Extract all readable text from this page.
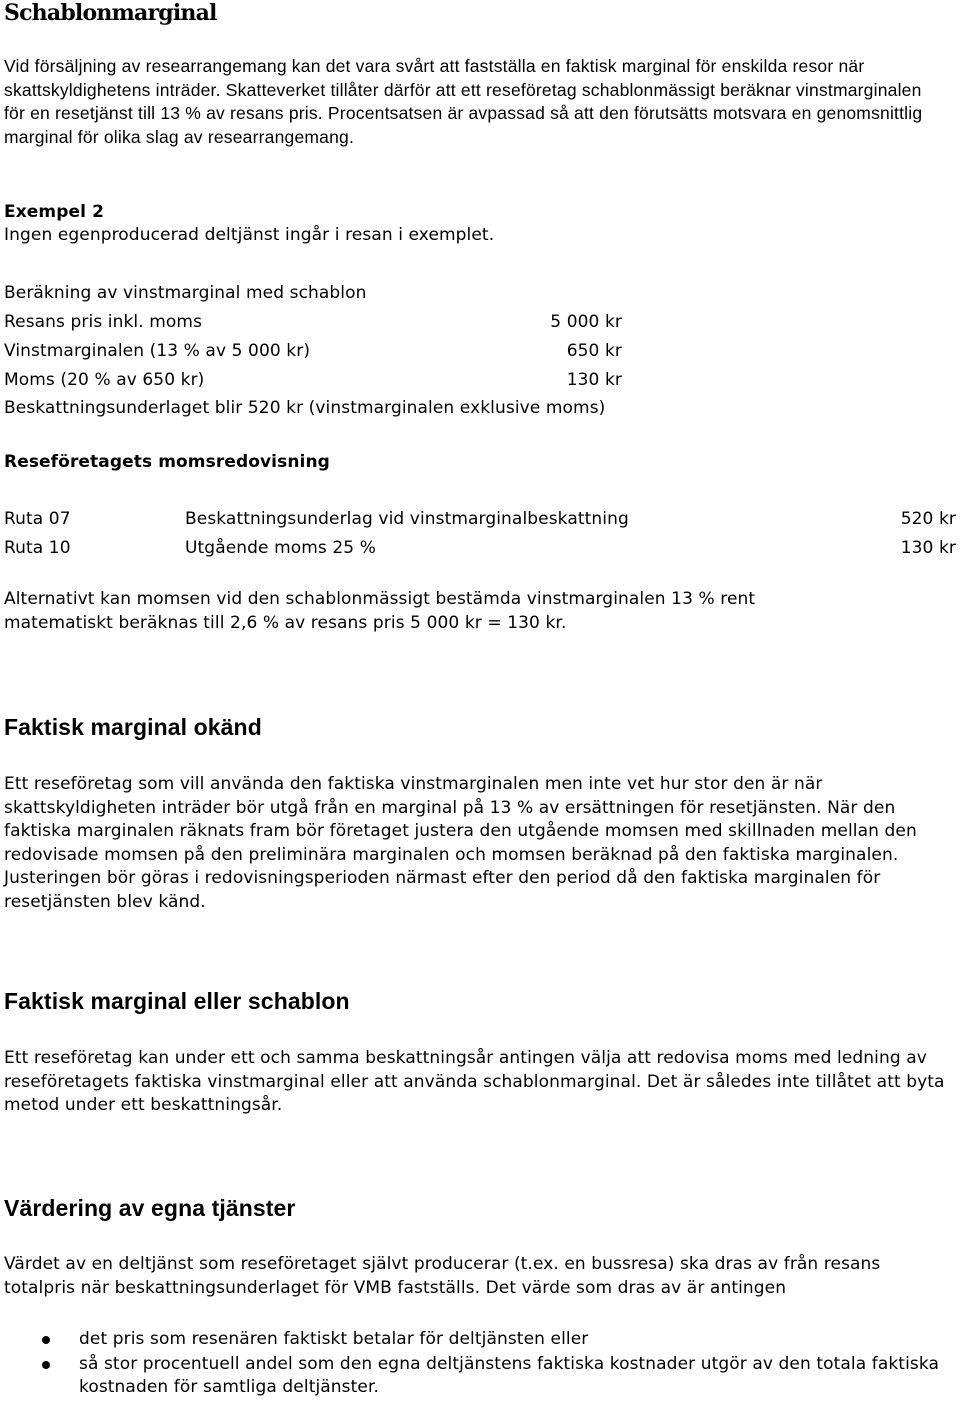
Schablonmarginal

Vid försäljning av researrangemang kan det vara svårt att fastställa en faktisk marginal för enskilda resor när skattskyldighetens inträder. Skatteverket tillåter därför att ett reseföretag schablonmässigt beräknar vinstmarginalen för en resetjänst till 13 % av resans pris. Procentsatsen är avpassad så att den förutsätts motsvara en genomsnittlig marginal för olika slag av researrangemang.

Exempel 2

Ingen egenproducerad deltjänst ingår i resan i exemplet.

Beräkning av vinstmarginal med schablon

Resans pris inkl. moms	5 000 kr
Vinstmarginalen (13 % av 5 000 kr)	650 kr
Moms (20 % av 650 kr)	130 kr

Beskattningsunderlaget blir 520 kr (vinstmarginalen exklusive moms)

Reseföretagets momsredovisning

Ruta 07	Beskattningsunderlag vid vinstmarginalbeskattning	520 kr
Ruta 10	Utgående moms 25 %	130 kr

Alternativt kan momsen vid den schablonmässigt bestämda vinstmarginalen 13 % rent matematiskt beräknas till 2,6 % av resans pris 5 000 kr = 130 kr.

Faktisk marginal okänd

Ett reseföretag som vill använda den faktiska vinstmarginalen men inte vet hur stor den är när skattskyldigheten inträder bör utgå från en marginal på 13 % av ersättningen för resetjänsten. När den faktiska marginalen räknats fram bör företaget justera den utgående momsen med skillnaden mellan den redovisade momsen på den preliminära marginalen och momsen beräknad på den faktiska marginalen. Justeringen bör göras i redovisningsperioden närmast efter den period då den faktiska marginalen för resetjänsten blev känd.

Faktisk marginal eller schablon

Ett reseföretag kan under ett och samma beskattningsår antingen välja att redovisa moms med ledning av reseföretagets faktiska vinstmarginal eller att använda schablonmarginal. Det är således inte tillåtet att byta metod under ett beskattningsår.

Värdering av egna tjänster

Värdet av en deltjänst som reseföretaget självt producerar (t.ex. en bussresa) ska dras av från resans totalpris när beskattningsunderlaget för VMB fastställs. Det värde som dras av är antingen

det pris som resenären faktiskt betalar för deltjänsten eller
så stor procentuell andel som den egna deltjänstens faktiska kostnader utgör av den totala faktiska kostnaden för samtliga deltjänster.
